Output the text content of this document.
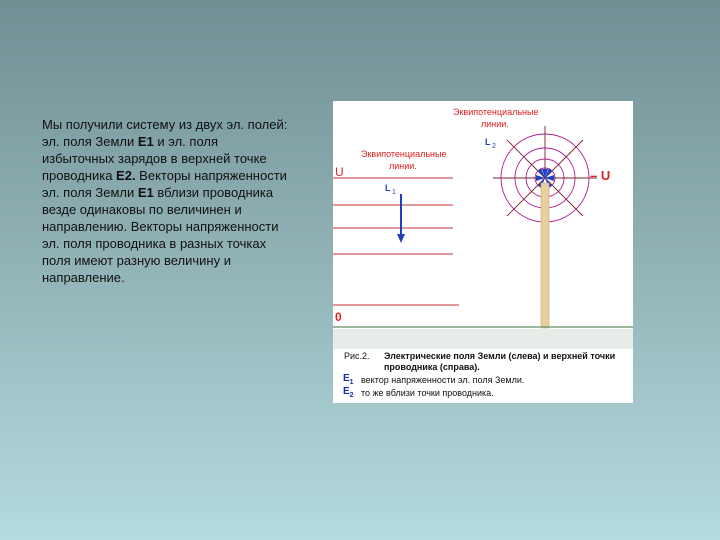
Мы получили систему из двух эл. полей: эл. поля Земли Е1 и эл. поля избыточных зарядов в верхней точке проводника Е2. Векторы напряженности эл. поля Земли Е1 вблизи проводника везде одинаковы по величинен и направлению. Векторы напряженности эл. поля проводника в разных точках поля имеют разную величину и направление.
Эквипотенциальные
линии.
U
0
L 1
Эквипотенциальные
линии.
L 2
– U
Рис.2. Электрические поля Земли (слева) и верхней точки проводника (справа).
$E_1$ вектор напряженности эл. поля Земли.
$E_2$ то же вблизи точки проводника.
